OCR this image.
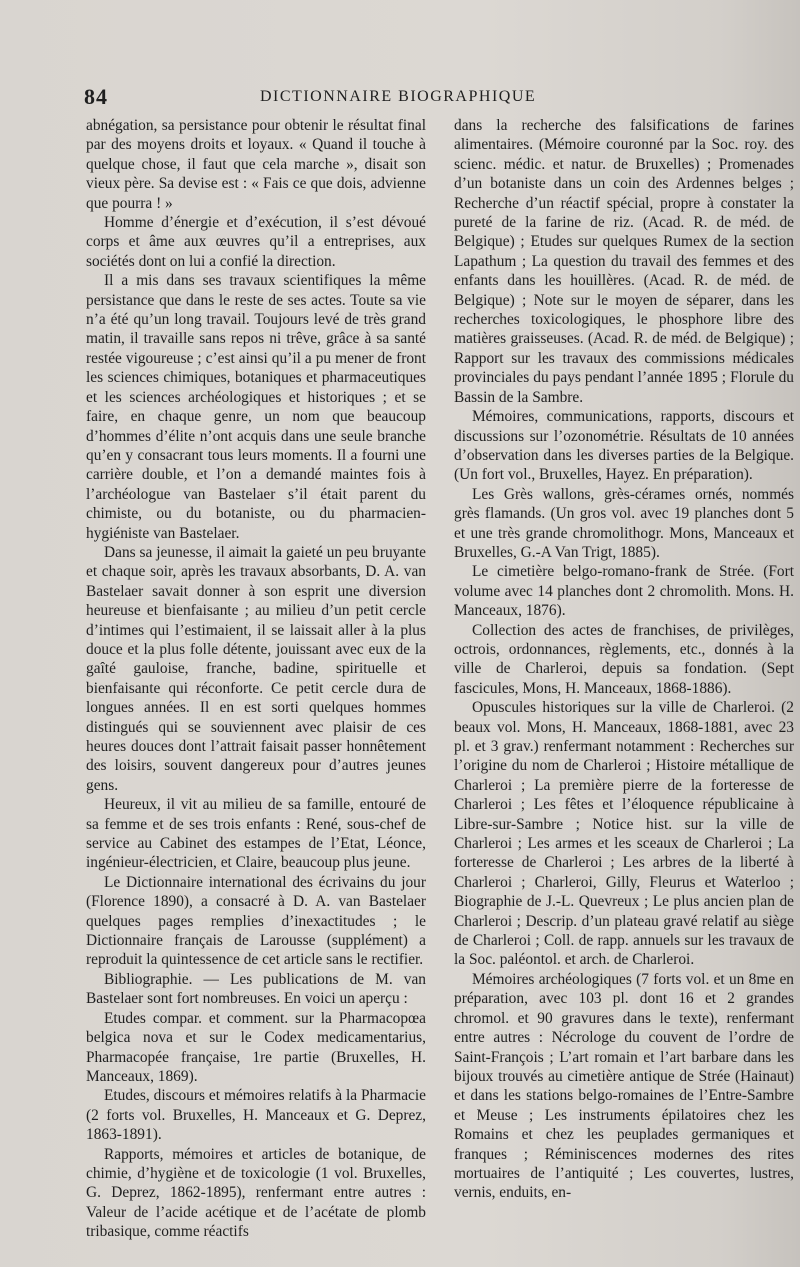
84	DICTIONNAIRE BIOGRAPHIQUE

abnégation, sa persistance pour obtenir le résultat final par des moyens droits et loyaux. « Quand il touche à quelque chose, il faut que cela marche », disait son vieux père. Sa devise est : « Fais ce que dois, advienne que pourra ! »

Homme d’énergie et d’exécution, il s’est dévoué corps et âme aux œuvres qu’il a entreprises, aux sociétés dont on lui a confié la direction.

Il a mis dans ses travaux scientifiques la même persistance que dans le reste de ses actes. Toute sa vie n’a été qu’un long travail. Toujours levé de très grand matin, il travaille sans repos ni trêve, grâce à sa santé restée vigoureuse ; c’est ainsi qu’il a pu mener de front les sciences chimiques, botaniques et pharmaceutiques et les sciences archéologiques et historiques ; et se faire, en chaque genre, un nom que beaucoup d’hommes d’élite n’ont acquis dans une seule branche qu’en y consacrant tous leurs moments. Il a fourni une carrière double, et l’on a demandé maintes fois à l’archéologue van Bastelaer s’il était parent du chimiste, ou du botaniste, ou du pharmacien-hygiéniste van Bastelaer.

Dans sa jeunesse, il aimait la gaieté un peu bruyante et chaque soir, après les travaux absorbants, D. A. van Bastelaer savait donner à son esprit une diversion heureuse et bienfaisante ; au milieu d’un petit cercle d’intimes qui l’estimaient, il se laissait aller à la plus douce et la plus folle détente, jouissant avec eux de la gaîté gauloise, franche, badine, spirituelle et bienfaisante qui réconforte. Ce petit cercle dura de longues années. Il en est sorti quelques hommes distingués qui se souviennent avec plaisir de ces heures douces dont l’attrait faisait passer honnêtement des loisirs, souvent dangereux pour d’autres jeunes gens.

Heureux, il vit au milieu de sa famille, entouré de sa femme et de ses trois enfants : René, sous-chef de service au Cabinet des estampes de l’Etat, Léonce, ingénieur-électricien, et Claire, beaucoup plus jeune.

Le Dictionnaire international des écrivains du jour (Florence 1890), a consacré à D. A. van Bastelaer quelques pages remplies d’inexactitudes ; le Dictionnaire français de Larousse (supplément) a reproduit la quintessence de cet article sans le rectifier.

Bibliographie. — Les publications de M. van Bastelaer sont fort nombreuses. En voici un aperçu :

Etudes compar. et comment. sur la Pharmacopœa belgica nova et sur le Codex medicamentarius, Pharmacopée française, 1re partie (Bruxelles, H. Manceaux, 1869).

Etudes, discours et mémoires relatifs à la Pharmacie (2 forts vol. Bruxelles, H. Manceaux et G. Deprez, 1863-1891).

Rapports, mémoires et articles de botanique, de chimie, d’hygiène et de toxicologie (1 vol. Bruxelles, G. Deprez, 1862-1895), renfermant entre autres : Valeur de l’acide acétique et de l’acétate de plomb tribasique, comme réactifs

dans la recherche des falsifications de farines alimentaires. (Mémoire couronné par la Soc. roy. des scienc. médic. et natur. de Bruxelles) ; Promenades d’un botaniste dans un coin des Ardennes belges ; Recherche d’un réactif spécial, propre à constater la pureté de la farine de riz. (Acad. R. de méd. de Belgique) ; Etudes sur quelques Rumex de la section Lapathum ; La question du travail des femmes et des enfants dans les houillères. (Acad. R. de méd. de Belgique) ; Note sur le moyen de séparer, dans les recherches toxicologiques, le phosphore libre des matières graisseuses. (Acad. R. de méd. de Belgique) ; Rapport sur les travaux des commissions médicales provinciales du pays pendant l’année 1895 ; Florule du Bassin de la Sambre.

Mémoires, communications, rapports, discours et discussions sur l’ozonométrie. Résultats de 10 années d’observation dans les diverses parties de la Belgique. (Un fort vol., Bruxelles, Hayez. En préparation).

Les Grès wallons, grès-cérames ornés, nommés grès flamands. (Un gros vol. avec 19 planches dont 5 et une très grande chromolithogr. Mons, Manceaux et Bruxelles, G.-A Van Trigt, 1885).

Le cimetière belgo-romano-frank de Strée. (Fort volume avec 14 planches dont 2 chromolith. Mons. H. Manceaux, 1876).

Collection des actes de franchises, de privilèges, octrois, ordonnances, règlements, etc., donnés à la ville de Charleroi, depuis sa fondation. (Sept fascicules, Mons, H. Manceaux, 1868-1886).

Opuscules historiques sur la ville de Charleroi. (2 beaux vol. Mons, H. Manceaux, 1868-1881, avec 23 pl. et 3 grav.) renfermant notamment : Recherches sur l’origine du nom de Charleroi ; Histoire métallique de Charleroi ; La première pierre de la forteresse de Charleroi ; Les fêtes et l’éloquence républicaine à Libre-sur-Sambre ; Notice hist. sur la ville de Charleroi ; Les armes et les sceaux de Charleroi ; La forteresse de Charleroi ; Les arbres de la liberté à Charleroi ; Charleroi, Gilly, Fleurus et Waterloo ; Biographie de J.-L. Quevreux ; Le plus ancien plan de Charleroi ; Descrip. d’un plateau gravé relatif au siège de Charleroi ; Coll. de rapp. annuels sur les travaux de la Soc. paléontol. et arch. de Charleroi.

Mémoires archéologiques (7 forts vol. et un 8me en préparation, avec 103 pl. dont 16 et 2 grandes chromol. et 90 gravures dans le texte), renfermant entre autres : Nécrologe du couvent de l’ordre de Saint-François ; L’art romain et l’art barbare dans les bijoux trouvés au cimetière antique de Strée (Hainaut) et dans les stations belgo-romaines de l’Entre-Sambre et Meuse ; Les instruments épilatoires chez les Romains et chez les peuplades germaniques et franques ; Réminiscences modernes des rites mortuaires de l’antiquité ; Les couvertes, lustres, vernis, enduits, en-
